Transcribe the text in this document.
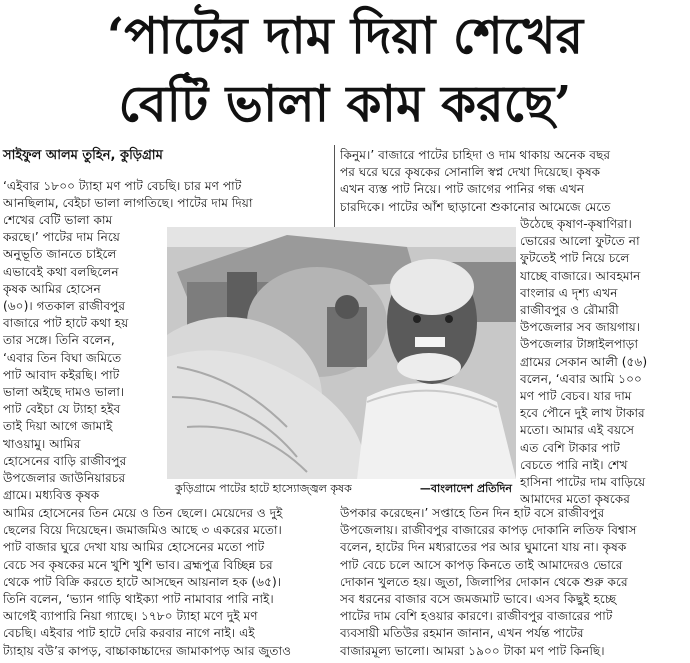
‘পাটের দাম দিয়া শেখের
বেটি ভালা কাম করছে’
সাইফুল আলম তুহিন, কুড়িগ্রাম
‘এইবার ১৮০০ ট্যাহা মণ পাট বেচছি। চার মণ পাট
আনছিলাম, বেইচা ভালা লাগতিছে। পাটের দাম দিয়া
শেখের বেটি ভালা কাম
করছে।’ পাটের দাম নিয়ে
অনুভূতি জানতে চাইলে
এভাবেই কথা বলছিলেন
কৃষক আমির হোসেন
(৬০)। গতকাল রাজীবপুর
বাজারে পাট হাটে কথা হয়
তার সঙ্গে। তিনি বলেন,
‘এবার তিন বিঘা জমিতে
পাট আবাদ কইরছি। পাট
ভালা অইছে দামও ভালা।
পাট বেইচা যে ট্যাহা হইব
তাই দিয়া আগে জামাই
খাওয়ামু। আমির
হোসেনের বাড়ি রাজীবপুর
উপজেলার জাউনিয়ারচর
গ্রামে। মধ্যবিত্ত কৃষক
আমির হোসেনের তিন মেয়ে ও তিন ছেলে। মেয়েদের ও দুই
ছেলের বিয়ে দিয়েছেন। জমাজমিও আছে ৩ একরের মতো।
পাট বাজার ঘুরে দেখা যায় আমির হোসেনের মতো পাট
বেচে সব কৃষকের মনে খুশি খুশি ভাব। ব্রহ্মপুত্র বিচ্ছিন্ন চর
থেকে পাট বিক্রি করতে হাটে আসছেন আয়নাল হক (৬৫)।
তিনি বলেন, ‘ভ্যান গাড়ি থাইক্যা পাট নামাবার পারি নাই।
আগেই ব্যাপারি নিয়া গ্যাছে। ১৭৮০ ট্যাহা মণে দুই মণ
বেচছি। এইবার পাট হাটে দেরি করবার নাগে নাই। এই
ট্যাহায় বউ’র কাপড়, বাচ্চাকাচ্চাদের জামাকাপড় আর জুতাও
কিনুম।’ বাজারে পাটের চাহিদা ও দাম থাকায় অনেক বছর
পর ঘরে ঘরে কৃষকের সোনালি স্বপ্ন দেখা দিয়েছে। কৃষক
এখন ব্যস্ত পাট নিয়ে। পাট জাগের পানির গন্ধ এখন
চারদিকে। পাটের আঁশ ছাড়ানো শুকানোর আমেজে মেতে
উঠেছে কৃষাণ-কৃষাণিরা।
ভোরের আলো ফুটতে না
ফুটতেই পাট নিয়ে চলে
যাচ্ছে বাজারে। আবহমান
বাংলার এ দৃশ্য এখন
রাজীবপুর ও রৌমারী
উপজেলার সব জায়গায়।
উপজেলার টাঙ্গাইলপাড়া
গ্রামের সেকান আলী (৫৬)
বলেন, ‘এবার আমি ১০০
মণ পাট বেচব। যার দাম
হবে পৌনে দুই লাখ টাকার
মতো। আমার এই বয়সে
এত বেশি টাকার পাট
বেচতে পারি নাই। শেখ
হাসিনা পাটের দাম বাড়িয়ে
আমাদের মতো কৃষকের
উপকার করেছেন।’ সপ্তাহে তিন দিন হাট বসে রাজীবপুর
উপজেলায়। রাজীবপুর বাজারের কাপড় দোকানি লতিফ বিশ্বাস
বলেন, হাটের দিন মধ্যরাতের পর আর ঘুমানো যায় না। কৃষক
পাট বেচে চলে আসে কাপড় কিনতে তাই আমাদেরও ভোরে
দোকান খুলতে হয়। জুতা, জিলাপির দোকান থেকে শুরু করে
সব ধরনের বাজার বসে জমজমাট ভাবে। এসব কিছুই হচ্ছে
পাটের দাম বেশি হওয়ার কারণে। রাজীবপুর বাজারের পাট
ব্যবসায়ী মতিউর রহমান জানান, এখন পর্যন্ত পাটের
বাজারমূল্য ভালো। আমরা ১৯০০ টাকা মণ পাট কিনছি।
কুড়িগ্রামে পাটের হাটে হাস্যোজ্জ্বল কৃষক	—বাংলাদেশ প্রতিদিন
